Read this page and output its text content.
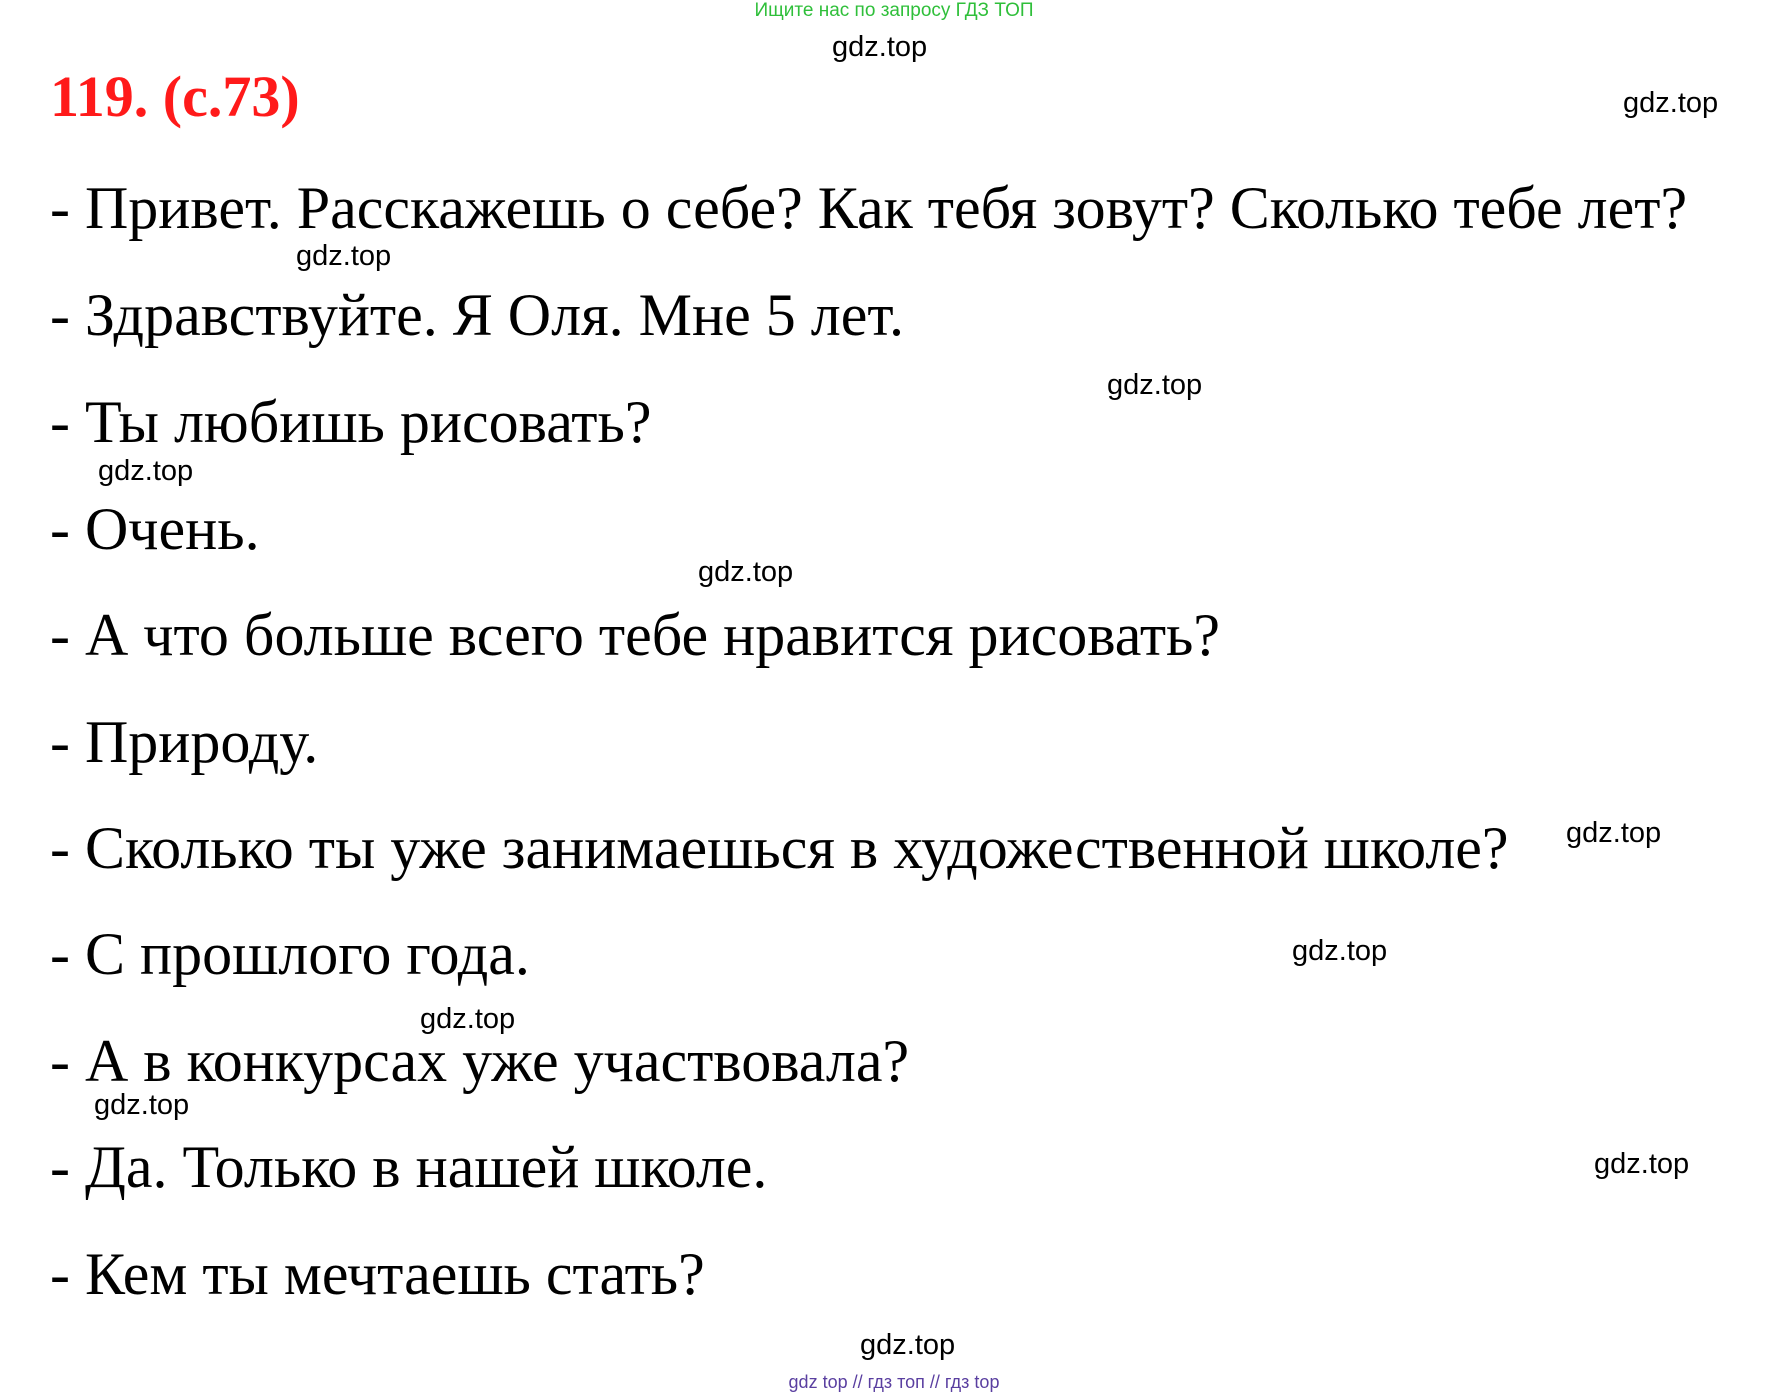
Ищите нас по запросу ГДЗ ТОП
119. (с.73)
- Привет. Расскажешь о себе? Как тебя зовут? Сколько тебе лет?
- Здравствуйте. Я Оля. Мне 5 лет.
- Ты любишь рисовать?
- Очень.
- А что больше всего тебе нравится рисовать?
- Природу.
- Сколько ты уже занимаешься в художественной школе?
- С прошлого года.
- А в конкурсах уже участвовала?
- Да. Только в нашей школе.
- Кем ты мечтаешь стать?
gdz.top
gdz.top
gdz.top
gdz.top
gdz.top
gdz.top
gdz.top
gdz.top
gdz.top
gdz.top
gdz.top
gdz.top
gdz top // гдз топ // гдз top
